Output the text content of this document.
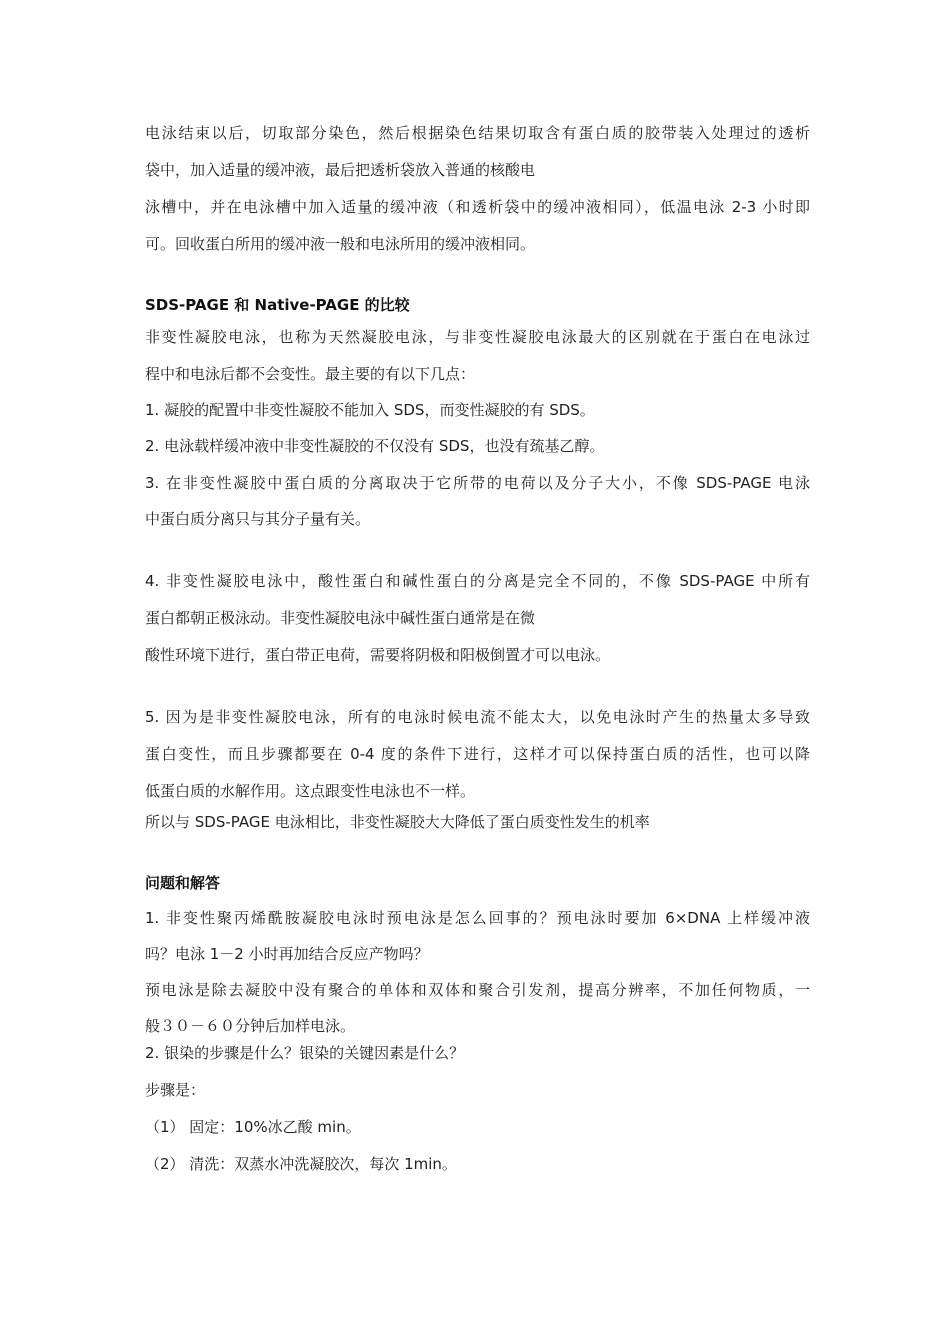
电泳结束以后，切取部分染色，然后根据染色结果切取含有蛋白质的胶带装入处理过的透析
袋中，加入适量的缓冲液，最后把透析袋放入普通的核酸电
泳槽中，并在电泳槽中加入适量的缓冲液（和透析袋中的缓冲液相同），低温电泳 2-3 小时即
可。回收蛋白所用的缓冲液一般和电泳所用的缓冲液相同。
SDS-PAGE 和 Native-PAGE 的比较
非变性凝胶电泳，也称为天然凝胶电泳，与非变性凝胶电泳最大的区别就在于蛋白在电泳过
程中和电泳后都不会变性。最主要的有以下几点：
1. 凝胶的配置中非变性凝胶不能加入 SDS，而变性凝胶的有 SDS。
2. 电泳载样缓冲液中非变性凝胶的不仅没有 SDS，也没有巯基乙醇。
3. 在非变性凝胶中蛋白质的分离取决于它所带的电荷以及分子大小，不像 SDS-PAGE 电泳
中蛋白质分离只与其分子量有关。
4. 非变性凝胶电泳中，酸性蛋白和碱性蛋白的分离是完全不同的，不像 SDS-PAGE 中所有
蛋白都朝正极泳动。非变性凝胶电泳中碱性蛋白通常是在微
酸性环境下进行，蛋白带正电荷，需要将阴极和阳极倒置才可以电泳。
5. 因为是非变性凝胶电泳，所有的电泳时候电流不能太大，以免电泳时产生的热量太多导致
蛋白变性，而且步骤都要在 0-4 度的条件下进行，这样才可以保持蛋白质的活性，也可以降
低蛋白质的水解作用。这点跟变性电泳也不一样。
所以与 SDS-PAGE 电泳相比，非变性凝胶大大降低了蛋白质变性发生的机率
问题和解答
1. 非变性聚丙烯酰胺凝胶电泳时预电泳是怎么回事的？预电泳时要加 6×DNA 上样缓冲液
吗？电泳 1－2 小时再加结合反应产物吗？
预电泳是除去凝胶中没有聚合的单体和双体和聚合引发剂，提高分辨率，不加任何物质，一
般３０－６０分钟后加样电泳。
2. 银染的步骤是什么？银染的关键因素是什么？
步骤是：
（1） 固定：10%冰乙酸 min。
（2） 清洗：双蒸水冲洗凝胶次，每次 1min。
